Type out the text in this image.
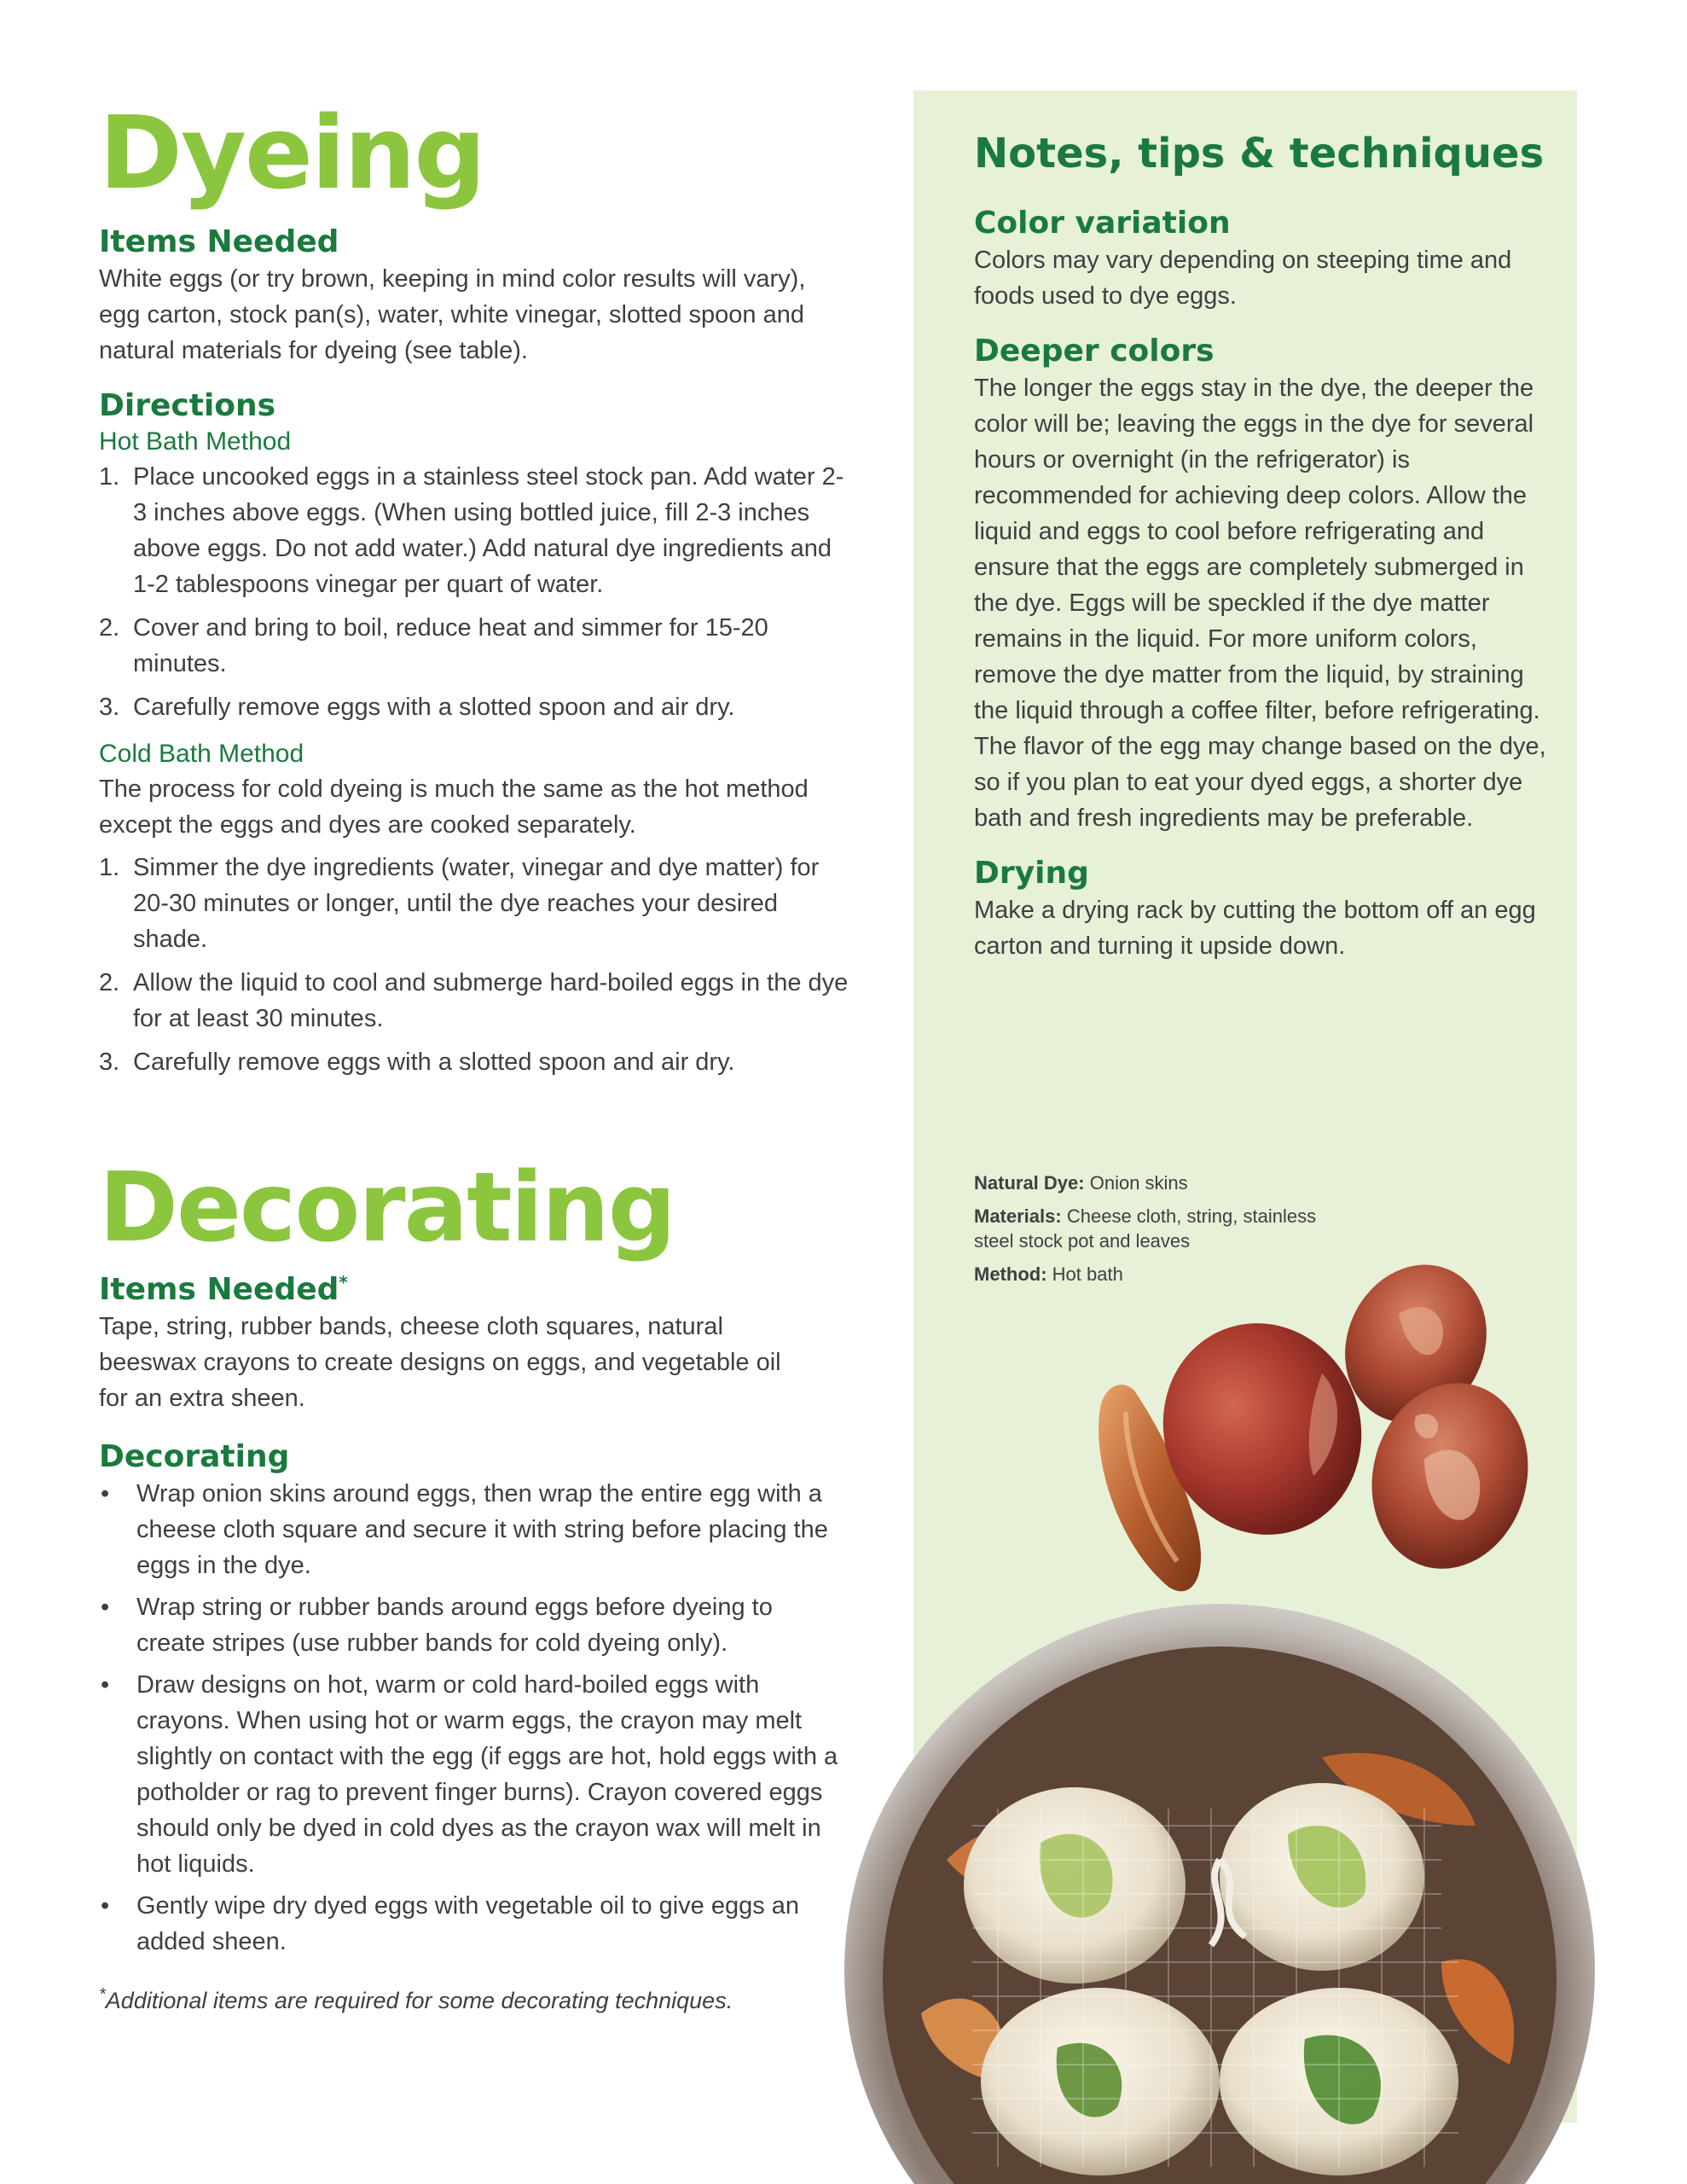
Dyeing
Items Needed

White eggs (or try brown, keeping in mind color results will vary), egg carton, stock pan(s), water, white vinegar, slotted spoon and natural materials for dyeing (see table).

Directions
Hot Bath Method
1. Place uncooked eggs in a stainless steel stock pan. Add water 2-3 inches above eggs. (When using bottled juice, fill 2-3 inches above eggs. Do not add water.) Add natural dye ingredients and 1-2 tablespoons vinegar per quart of water.
2. Cover and bring to boil, reduce heat and simmer for 15-20 minutes.
3. Carefully remove eggs with a slotted spoon and air dry.
Cold Bath Method

The process for cold dyeing is much the same as the hot method except the eggs and dyes are cooked separately.

1. Simmer the dye ingredients (water, vinegar and dye matter) for 20-30 minutes or longer, until the dye reaches your desired shade.
2. Allow the liquid to cool and submerge hard-boiled eggs in the dye for at least 30 minutes.
3. Carefully remove eggs with a slotted spoon and air dry.
Decorating
Items Needed*

Tape, string, rubber bands, cheese cloth squares, natural beeswax crayons to create designs on eggs, and vegetable oil for an extra sheen.

Decorating
•	Wrap onion skins around eggs, then wrap the entire egg with a cheese cloth square and secure it with string before placing the eggs in the dye.
•	Wrap string or rubber bands around eggs before dyeing to create stripes (use rubber bands for cold dyeing only).
•	Draw designs on hot, warm or cold hard-boiled eggs with crayons. When using hot or warm eggs, the crayon may melt slightly on contact with the egg (if eggs are hot, hold eggs with a potholder or rag to prevent finger burns). Crayon covered eggs should only be dyed in cold dyes as the crayon wax will melt in hot liquids.
•	Gently wipe dry dyed eggs with vegetable oil to give eggs an added sheen.
*Additional items are required for some decorating techniques.
Notes, tips & techniques
Color variation

Colors may vary depending on steeping time and foods used to dye eggs.

Deeper colors

The longer the eggs stay in the dye, the deeper the color will be; leaving the eggs in the dye for several hours or overnight (in the refrigerator) is recommended for achieving deep colors. Allow the liquid and eggs to cool before refrigerating and ensure that the eggs are completely submerged in the dye. Eggs will be speckled if the dye matter remains in the liquid. For more uniform colors, remove the dye matter from the liquid, by straining the liquid through a coffee filter, before refrigerating. The flavor of the egg may change based on the dye, so if you plan to eat your dyed eggs, a shorter dye bath and fresh ingredients may be preferable.

Drying

Make a drying rack by cutting the bottom off an egg carton and turning it upside down.

Natural Dye: Onion skins
Materials: Cheese cloth, string, stainless steel stock pot and leaves
Method: Hot bath
